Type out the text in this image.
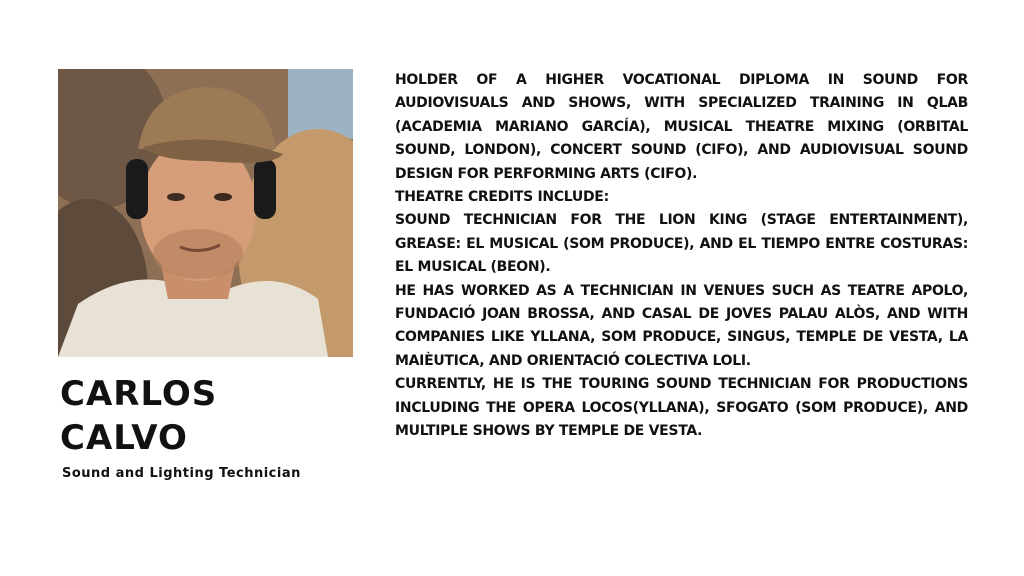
CARLOS
CALVO
Sound and Lighting Technician

HOLDER OF A HIGHER VOCATIONAL DIPLOMA IN SOUND FOR AUDIOVISUALS AND SHOWS, WITH SPECIALIZED TRAINING IN QLAB (ACADEMIA MARIANO GARCÍA), MUSICAL THEATRE MIXING (ORBITAL SOUND, LONDON), CONCERT SOUND (CIFO), AND AUDIOVISUAL SOUND DESIGN FOR PERFORMING ARTS (CIFO).

THEATRE CREDITS INCLUDE:

SOUND TECHNICIAN FOR THE LION KING (STAGE ENTERTAINMENT), GREASE: EL MUSICAL (SOM PRODUCE), AND EL TIEMPO ENTRE COSTURAS: EL MUSICAL (BEON).

HE HAS WORKED AS A TECHNICIAN IN VENUES SUCH AS TEATRE APOLO, FUNDACIÓ JOAN BROSSA, AND CASAL DE JOVES PALAU ALÒS, AND WITH COMPANIES LIKE YLLANA, SOM PRODUCE, SINGUS, TEMPLE DE VESTA, LA MAIÈUTICA, AND ORIENTACIÓ COLECTIVA LOLI.

CURRENTLY, HE IS THE TOURING SOUND TECHNICIAN FOR PRODUCTIONS INCLUDING THE OPERA LOCOS(YLLANA), SFOGATO (SOM PRODUCE), AND MULTIPLE SHOWS BY TEMPLE DE VESTA.
